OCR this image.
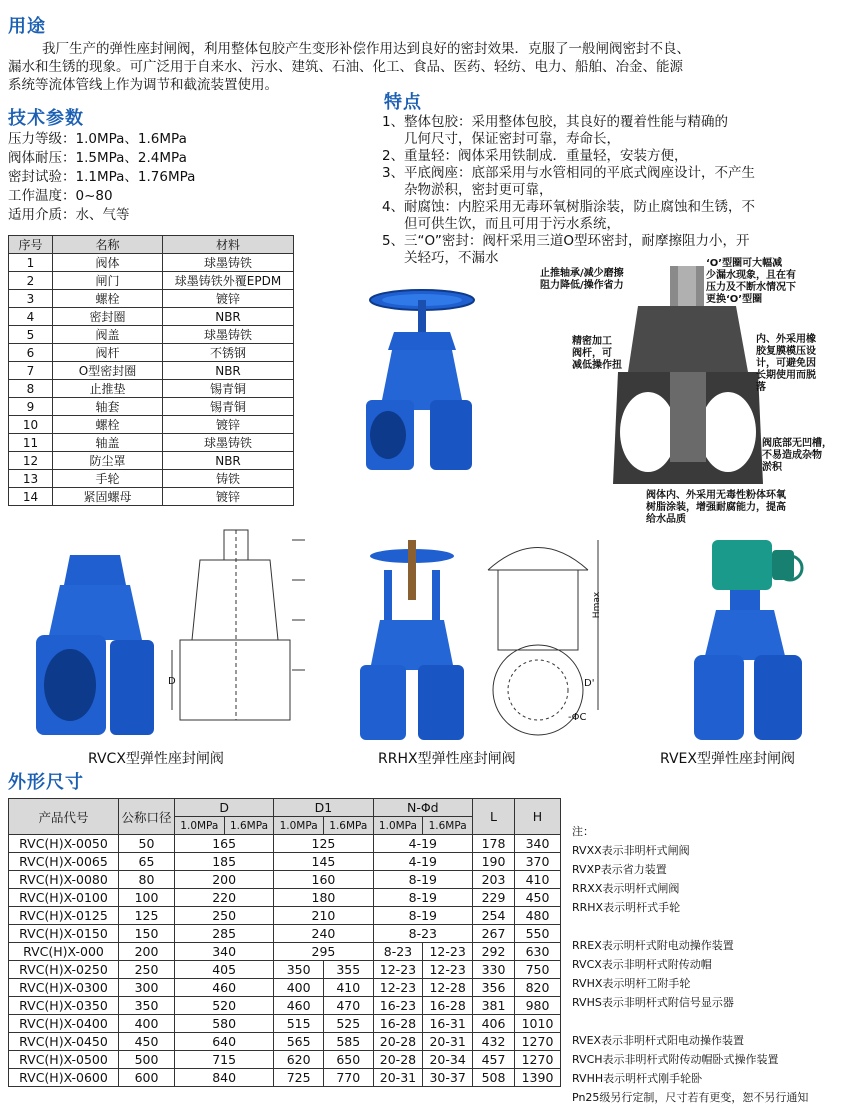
用途
我厂生产的弹性座封闸阀，利用整体包胶产生变形补偿作用达到良好的密封效果．克服了一般闸阀密封不良、
漏水和生锈的现象。可广泛用于自来水、污水、建筑、石油、化工、食品、医药、轻纺、电力、船舶、冶金、能源
系统等流体管线上作为调节和截流装置使用。
技术参数
压力等级：1.0MPa、1.6MPa
阀体耐压：1.5MPa、2.4MPa
密封试验：1.1MPa、1.76MPa
工作温度：0~80
适用介质：水、气等
序号	名称	材料
1	阀体	球墨铸铁
2	闸门	球墨铸铁外覆EPDM
3	螺栓	镀锌
4	密封圈	NBR
5	阀盖	球墨铸铁
6	阀杆	不锈钢
7	O型密封圈	NBR
8	止推垫	锡青铜
9	轴套	锡青铜
10	螺栓	镀锌
11	轴盖	球墨铸铁
12	防尘罩	NBR
13	手轮	铸铁
14	紧固螺母	镀锌
特点
1、 整体包胶：采用整体包胶，其良好的覆着性能与精确的
几何尺寸，保证密封可靠，寿命长，
2、 重量轻：阀体采用铁制成．重量轻，安装方便，
3、 平底阀座：底部采用与水管相同的平底式阀座设计，不产生
杂物淤积，密封更可靠，
4、 耐腐蚀：内腔采用无毒环氧树脂涂装，防止腐蚀和生锈，不
但可供生饮，而且可用于污水系统，
5、 三“O”密封：阀杆采用三道O型环密封，耐摩擦阻力小，开
关轻巧，不漏水
止推轴承/减少磨擦
阻力降低/操作省力
‘O’型圈可大幅减
少漏水现象，且在有
压力及不断水情况下
更换‘O’型圈
精密加工
阀杆，可
减低操作扭
内、外采用橡
胶复膜模压设
计，可避免因
长期使用而脱
落
阀底部无凹槽，
不易造成杂物
淤积
阀体内、外采用无毒性粉体环氧
树脂涂装，增强耐腐能力，提高
给水品质
D
Hmax
D'
-ΦC
RVCX型弹性座封闸阀	RRHX型弹性座封闸阀	RVEX型弹性座封闸阀
外形尺寸
产品代号	公称口径	D		D1		N-Φd		L	H
		1.0MPa	1.6MPa	1.0MPa	1.6MPa	1.0MPa	1.6MPa		
RVC(H)X-0050	50	165		125		4-19		178	340
RVC(H)X-0065	65	185		145		4-19		190	370
RVC(H)X-0080	80	200		160		8-19		203	410
RVC(H)X-0100	100	220		180		8-19		229	450
RVC(H)X-0125	125	250		210		8-19		254	480
RVC(H)X-0150	150	285		240		8-23		267	550
RVC(H)X-000	200	340		295		8-23	12-23	292	630
RVC(H)X-0250	250	405		350	355	12-23	12-23	330	750
RVC(H)X-0300	300	460		400	410	12-23	12-28	356	820
RVC(H)X-0350	350	520		460	470	16-23	16-28	381	980
RVC(H)X-0400	400	580		515	525	16-28	16-31	406	1010
RVC(H)X-0450	450	640		565	585	20-28	20-31	432	1270
RVC(H)X-0500	500	715		620	650	20-28	20-34	457	1270
RVC(H)X-0600	600	840		725	770	20-31	30-37	508	1390
注：
RVXX表示非明杆式闸阀
RVXP表示省力装置
RRXX表示明杆式闸阀
RRHX表示明杆式手轮
RREX表示明杆式附电动操作装置
RVCX表示非明杆式附传动帽
RVHX表示明杆工附手轮
RVHS表示非明杆式附信号显示器
RVEX表示非明杆式阳电动操作装置
RVCH表示非明杆式附传动帽卧式操作装置
RVHH表示明杆式刚手轮卧
Pn25级另行定制，尺寸若有更变，恕不另行通知
